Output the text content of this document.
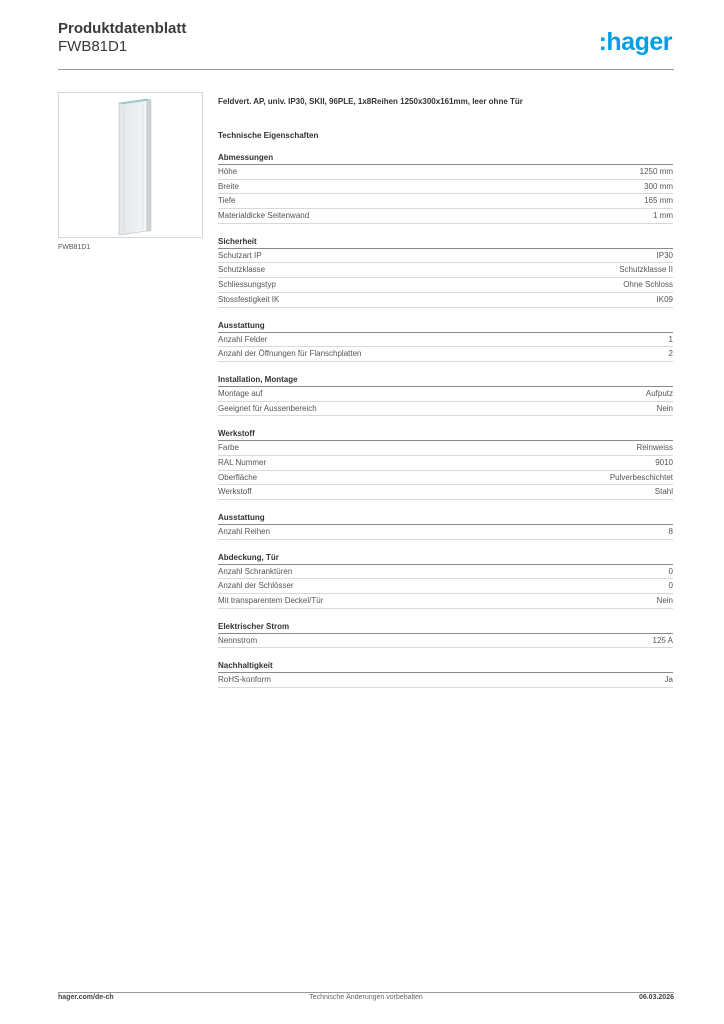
Produktdatenblatt
FWB81D1	:hager
FWB81D1
Feldvert. AP, univ. IP30, SKII, 96PLE, 1x8Reihen 1250x300x161mm, leer ohne Tür
Technische Eigenschaften
Abmessungen
Höhe	1250 mm
Breite	300 mm
Tiefe	165 mm
Materialdicke Seitenwand	1 mm
Sicherheit
Schutzart IP	IP30
Schutzklasse	Schutzklasse II
Schliessungstyp	Ohne Schloss
Stossfestigkeit IK	IK09
Ausstattung
Anzahl Felder	1
Anzahl der Öffnungen für Flanschplatten	2
Installation, Montage
Montage auf	Aufputz
Geeignet für Aussenbereich	Nein
Werkstoff
Farbe	Reinweiss
RAL Nummer	9010
Oberfläche	Pulverbeschichtet
Werkstoff	Stahl
Ausstattung
Anzahl Reihen	8
Abdeckung, Tür
Anzahl Schranktüren	0
Anzahl der Schlösser	0
Mit transparentem Deckel/Tür	Nein
Elektrischer Strom
Nennstrom	125 A
Nachhaltigkeit
RoHS-konform	Ja
hager.com/de-ch	Technische Änderungen vorbehalten	06.03.2026
